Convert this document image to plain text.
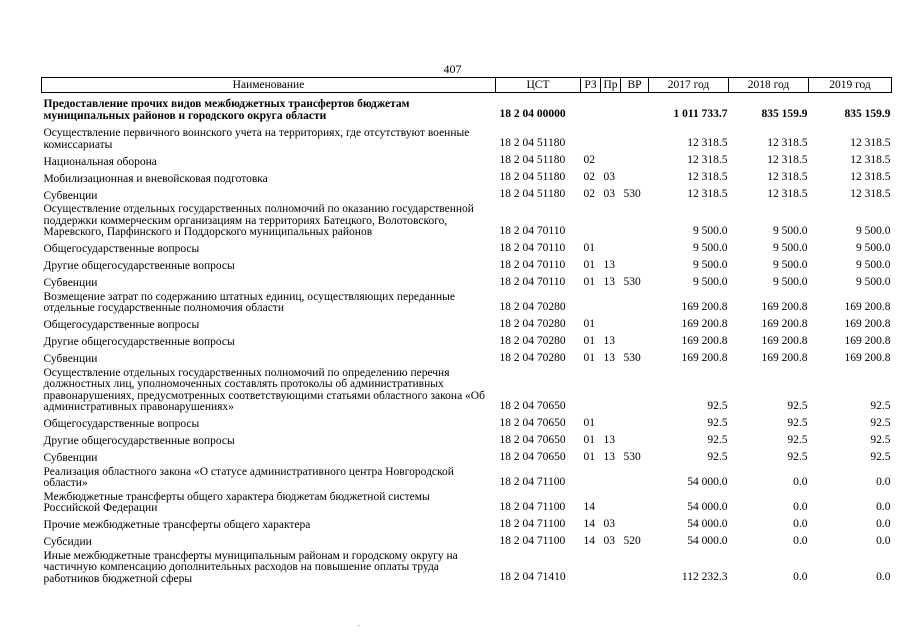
407
Наименование	ЦСТ	РЗ	Пр	ВР	2017 год	2018 год	2019 год
Предоставление прочих видов межбюджетных трансфертов бюджетам муниципальных районов и городского округа области	18 2 04 00000				1 011 733.7	835 159.9	835 159.9
Осуществление первичного воинского учета на территориях, где отсутствуют военные комиссариаты	18 2 04 51180				12 318.5	12 318.5	12 318.5
Национальная оборона	18 2 04 51180	02			12 318.5	12 318.5	12 318.5
Мобилизационная и вневойсковая подготовка	18 2 04 51180	02	03		12 318.5	12 318.5	12 318.5
Субвенции	18 2 04 51180	02	03	530	12 318.5	12 318.5	12 318.5
Осуществление отдельных государственных полномочий по оказанию государственной поддержки коммерческим организациям на территориях Батецкого, Волотовского, Маревского, Парфинского и Поддорского муниципальных районов	18 2 04 70110				9 500.0	9 500.0	9 500.0
Общегосударственные вопросы	18 2 04 70110	01			9 500.0	9 500.0	9 500.0
Другие общегосударственные вопросы	18 2 04 70110	01	13		9 500.0	9 500.0	9 500.0
Субвенции	18 2 04 70110	01	13	530	9 500.0	9 500.0	9 500.0
Возмещение затрат по содержанию штатных единиц, осуществляющих переданные отдельные государственные полномочия области	18 2 04 70280				169 200.8	169 200.8	169 200.8
Общегосударственные вопросы	18 2 04 70280	01			169 200.8	169 200.8	169 200.8
Другие общегосударственные вопросы	18 2 04 70280	01	13		169 200.8	169 200.8	169 200.8
Субвенции	18 2 04 70280	01	13	530	169 200.8	169 200.8	169 200.8
Осуществление отдельных государственных полномочий по определению перечня должностных лиц, уполномоченных составлять протоколы об административных правонарушениях, предусмотренных соответствующими статьями областного закона «Об административных правонарушениях»	18 2 04 70650				92.5	92.5	92.5
Общегосударственные вопросы	18 2 04 70650	01			92.5	92.5	92.5
Другие общегосударственные вопросы	18 2 04 70650	01	13		92.5	92.5	92.5
Субвенции	18 2 04 70650	01	13	530	92.5	92.5	92.5
Реализация областного закона «О статусе административного центра Новгородской области»	18 2 04 71100				54 000.0	0.0	0.0
Межбюджетные трансферты общего характера бюджетам бюджетной системы Российской Федерации	18 2 04 71100	14			54 000.0	0.0	0.0
Прочие межбюджетные трансферты общего характера	18 2 04 71100	14	03		54 000.0	0.0	0.0
Субсидии	18 2 04 71100	14	03	520	54 000.0	0.0	0.0
Иные межбюджетные трансферты муниципальным районам и городскому округу на частичную компенсацию дополнительных расходов на повышение оплаты труда работников бюджетной сферы	18 2 04 71410				112 232.3	0.0	0.0
.
